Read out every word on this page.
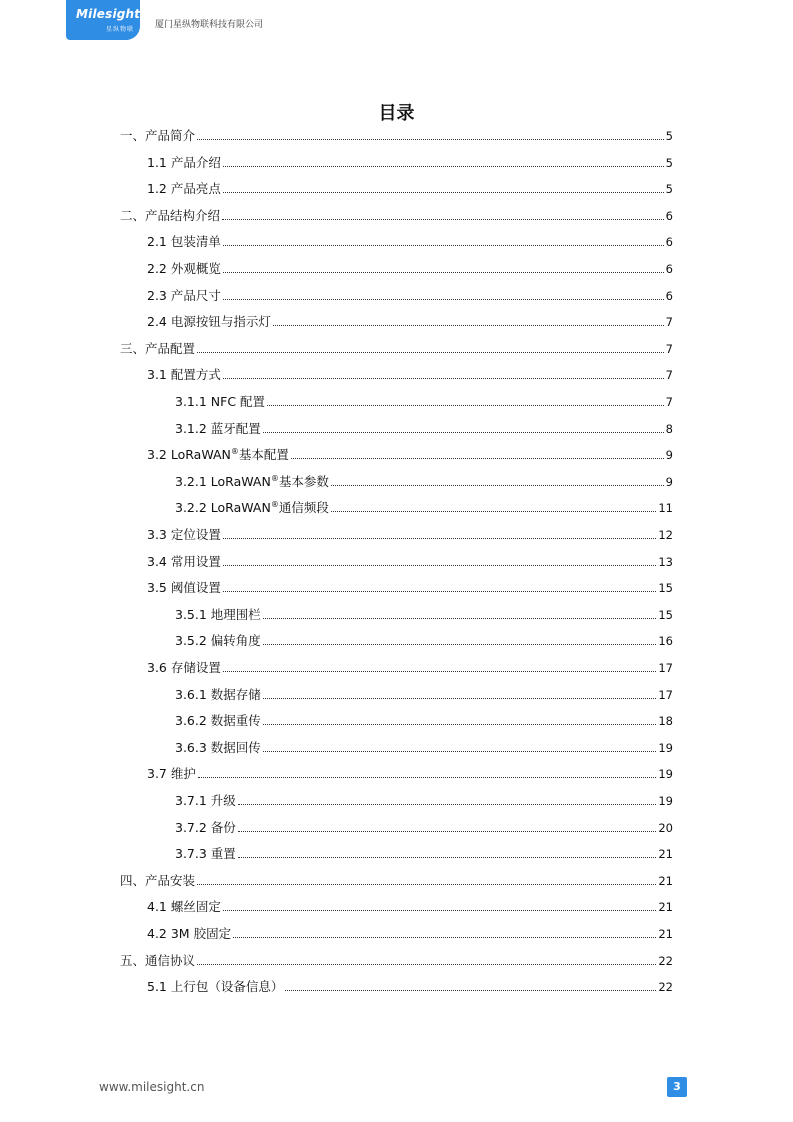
Milesight
星纵物联 厦门星纵物联科技有限公司
目录
一、产品简介	5
1.1 产品介绍	5
1.2 产品亮点	5
二、产品结构介绍	6
2.1 包装清单	6
2.2 外观概览	6
2.3 产品尺寸	6
2.4 电源按钮与指示灯	7
三、产品配置	7
3.1 配置方式	7
3.1.1 NFC 配置	7
3.1.2 蓝牙配置	8
3.2 LoRaWAN®基本配置	9
3.2.1 LoRaWAN®基本参数	9
3.2.2 LoRaWAN®通信频段	11
3.3 定位设置	12
3.4 常用设置	13
3.5 阈值设置	15
3.5.1 地理围栏	15
3.5.2 偏转角度	16
3.6 存储设置	17
3.6.1 数据存储	17
3.6.2 数据重传	18
3.6.3 数据回传	19
3.7 维护	19
3.7.1 升级	19
3.7.2 备份	20
3.7.3 重置	21
四、产品安装	21
4.1 螺丝固定	21
4.2 3M 胶固定	21
五、通信协议	22
5.1 上行包（设备信息）	22
www.milesight.cn	3
